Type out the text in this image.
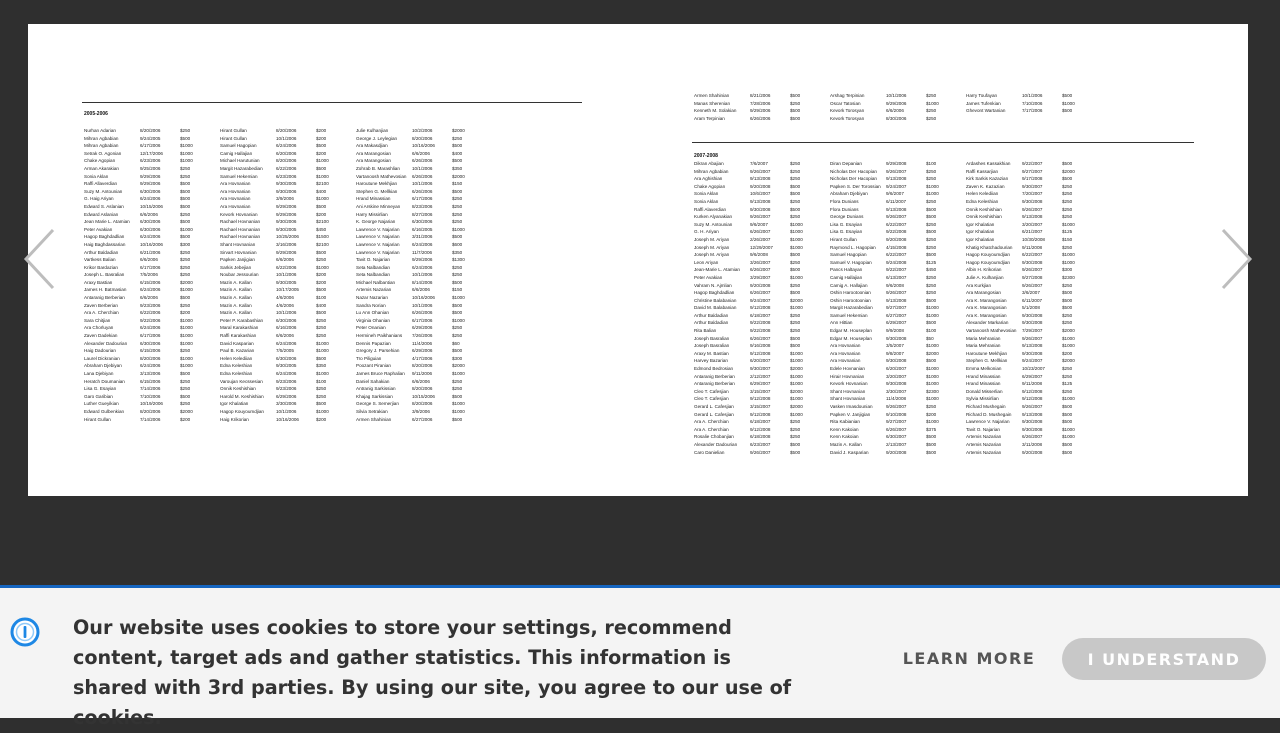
2005-2006
Nurhan Adarian
Mihran Agbabian
Mihran Agbabian
Setrak O. Agonian
Chake Agopian
Arman Akarakian
Sonia Aklan
Raffi Allaverdian
Suzy M. Antounian
G. Haig Ariyan
Edward S. Aslanian
Edward Aslanian
Jean Marie L. Atamian
Peter Avakian
Hagop Baghdadlian
Haig Baghdassarian
Arthur Baldadian
Vartkess Balian
Krikor Bardazian
Joseph L. Basralian
Araxy Bastian
James H. Batmasian
Antaranig Berberian
Zaven Berberian
Ara A. Cherchian
Sara Chitjian
Ara Chorluyan
Zaven Dadekian
Alexander Dadourian
Haig Dadourian
Laurel Dickranian
Abraham Djebiyan
Lana Djebiyan
Heratch Doumanian
Lisa G. Esayian
Garo Garibian
Luther Gueyikian
Edward Gulbenkian
Hirant Gullan
8/20/2006
9/24/2005
6/17/2006
12/17/2006
6/23/2006
9/25/2006
9/29/2006
9/29/2006
6/30/2006
6/24/2006
10/15/2006
6/6/2006
6/30/2006
6/30/2006
6/24/2006
10/16/2006
6/21/2006
6/6/2006
6/17/2006
7/5/2006
6/15/2006
6/24/2006
6/6/2006
9/23/2006
6/22/2006
9/22/2006
6/24/2006
6/17/2006
6/30/2006
6/15/2006
8/20/2006
6/24/2006
3/13/2006
6/15/2006
7/14/2006
7/10/2006
10/19/2006
8/20/2006
7/14/2006
$250
$500
$1000
$1000
$1000
$250
$250
$500
$500
$500
$500
$250
$500
$1000
$500
$300
$250
$250
$250
$250
$2000
$1000
$500
$250
$200
$1000
$1000
$1000
$1000
$250
$1000
$1000
$500
$250
$250
$500
$250
$2000
$200
Hirant Gullan
Hirant Gullan
Samuel Hagopian
Camig Hallajian
Michael Harutunian
Margit Hazarabedian
Samuel Hekemian
Ara Hovnanian
Ara Hovnanian
Ara Hovnanian
Ara Hovnanian
Kevork Hovnanian
Rachael Hovnanian
Rachael Hovnanian
Rachael Hovnanian
Shant Hovnanian
Sirvart Hovnanian
Papken Janjigian
Sarkis Jebejian
Noubar Jessourian
Mazin A. Kallan
Mazin A. Kallan
Mazin A. Kallan
Mazin A. Kallan
Mazin A. Kallan
Peter P. Karabashian
Maral Karakashian
Raffi Karakashian
David Kasparian
Paul B. Kazarian
Helen Kelediian
Edna Keleshian
Edna Keleshian
Varoujan Kecssesian
Onnik Keshishian
Harold M. Keshishian
Igor Khalatian
Hagop Kouyoumdjian
Haig Krikorian
8/20/2006
10/1/2006
6/24/2006
6/20/2006
8/20/2006
6/22/2006
6/23/2006
9/30/2005
9/30/2006
3/9/2006
9/29/2006
9/29/2006
9/30/2006
9/30/2005
10/25/2006
3/16/2006
9/29/2006
6/6/2006
6/22/2006
10/1/2006
9/30/2005
10/17/2005
4/6/2006
4/6/2006
10/1/2006
6/30/2006
6/16/2006
6/6/2006
6/24/2006
7/5/2005
6/30/2006
9/30/2005
6/24/2006
9/23/2006
9/23/2006
6/29/2006
3/30/2006
10/1/2006
10/16/2006
$200
$200
$500
$200
$1000
$500
$1000
$2100
$400
$1000
$500
$200
$2100
$450
$1500
$2100
$500
$250
$1000
$200
$200
$500
$100
$400
$500
$250
$250
$250
$1000
$1000
$500
$350
$1000
$100
$250
$250
$500
$1000
$200
Julie Kulhanjian
George J. Leylegian
Ara Makasdjian
Ara Marangosian
Ara Marangosian
Zohrab B. Marashlian
Vartanoosh Mathevosian
Haroutune Mekhjian
Stephen G. Mellkian
Hrand Minassian
Ani Arskine Minneyan
Harry Missirlian
K. George Najarian
Lawrence V. Najarian
Lawrence V. Najarian
Lawrence V. Najarian
Lawrence V. Najarian
Tavit O. Najarian
Seta Nalbandian
Seta Nalbandian
Michael Nalbantian
Artemis Nazarian
Nazar Nazarian
Sandra Norian
Lu Ann Ohanian
Virginia Ohanian
Peter Onanian
Hermineh Paikhanians
Dennis Papazian
Gregory J. Parsehian
Tro Piliguian
Poozant Piranian
James Bruce Raphalian
Daniel Sahakian
Antranig Sarkissian
Khajag Sarkissian
George S. Semerjian
Silvia Setrakian
Armen Shahinian
10/2/2006
8/20/2006
10/16/2006
6/6/2006
6/26/2006
10/1/2006
6/26/2006
10/1/2006
6/26/2006
6/17/2006
8/23/2006
8/27/2006
6/30/2006
6/16/2005
3/31/2006
6/24/2006
11/7/2006
9/29/2006
6/24/2006
10/1/2006
8/14/2006
6/6/2006
10/16/2006
10/1/2006
6/26/2006
6/17/2006
6/29/2006
7/26/2006
11/4/2006
6/29/2006
4/17/2006
8/20/2006
9/11/2006
6/6/2006
8/20/2006
10/15/2006
8/20/2006
3/9/2006
6/27/2006
$2000
$250
$500
$400
$500
$350
$2000
$150
$500
$250
$250
$250
$250
$1000
$500
$600
$350
$1300
$250
$250
$500
$150
$1000
$500
$500
$1000
$250
$250
$60
$500
$300
$2000
$1000
$250
$250
$500
$1000
$1000
$500
Armen Shahinian
Manas Sherenian
Kenneth M. Solakian
Aram Terpinian
8/21/2006
7/28/2006
9/29/2006
6/26/2006
$500
$250
$500
$500
Arshag Terpinian
Oscar Tatosian
Kevork Torosyan
Kevork Torosyan
10/1/2006
9/29/2006
6/6/2006
8/30/2006
$250
$1000
$250
$250
Harry Toufayan
James Tufenkian
Ghevont Wartanian
10/1/2006
7/10/2006
7/17/2006
$500
$1000
$500
2007-2008
Dikran Abajian
Mihran Agbabian
Ara Aghishian
Chake Agopian
Sonia Aklan
Sonia Aklan
Raffi Alaverdian
Kurken Alyanakian
Suzy M. Antounian
G. H. Ariyan
Joseph M. Ariyan
Joseph M. Ariyan
Joseph M. Ariyan
Leon Ariyan
Jean-Marie L. Atamian
Peter Avakian
Vahram N. Ajmlian
Hagop Baghdadlian
Christine Balabanian
David M. Balabanian
Arthur Baldadian
Arthur Baldadian
Rita Balian
Joseph Basralian
Joseph Basralian
Araxy M. Bastian
Harvey Bazarian
Edmond Bedrosian
Antaranig Berberian
Antaranig Berberian
Cleo T. Cafesjian
Cleo T. Cafesjian
Gerard L. Cafesjian
Gerard L. Cafesjian
Ara A. Cherchian
Ara A. Cherchian
Rosalie Chobanjian
Alexander Dadourian
Caro Danielian
7/6/2007
9/26/2007
9/13/2008
9/20/2008
10/6/2007
9/13/2008
9/30/2008
9/26/2007
9/6/2007
6/26/2007
2/26/2007
12/29/2007
9/6/2008
3/26/2007
6/26/2007
3/29/2007
9/20/2008
6/26/2007
9/24/2007
9/12/2008
6/18/2007
9/22/2008
9/22/2008
6/26/2007
9/16/2008
9/12/2008
6/20/2007
9/30/2007
2/12/2007
6/29/2007
3/15/2007
9/12/2008
3/15/2007
9/12/2008
6/18/2007
9/12/2008
6/18/2008
6/23/2007
9/26/2007
$250
$250
$250
$500
$500
$250
$500
$250
$1000
$1000
$1000
$1000
$500
$250
$500
$1000
$250
$500
$2000
$1000
$250
$250
$250
$500
$500
$1000
$1000
$2000
$1000
$1000
$2000
$1000
$2000
$1000
$250
$250
$250
$500
$500
Diran Depanian
Nicholas Der Hacopian
Nicholas Der Hacopian
Papken S. Der Torossian
Abraham Djebiyan
Flora Dunians
Flora Dunians
George Dunians
Lisa G. Esayian
Lisa G. Esayian
Hirant Gullan
Raymond L. Hagopian
Samuel Hagopian
Samuel V. Hagopian
Pancs Haltayan
Camig Hallajian
Camig A. Hallajian
Oshin Harootoonian
Oshin Harootoonian
Margit Hazarabedian
Samuel Hekemian
Ann Hittian
Edgar M. Houseplan
Edgar M. Houseplan
Ara Hovnanian
Ara Hovnanian
Ara Hovnanian
Edele Hovnanian
Hirair Hovnanian
Kevork Hovnanian
Shant Hovnanian
Shant Hovnanian
Vasken Imasdounian
Papken V. Janjigian
Rita Kabianian
Kenn Kakoian
Kenn Kakoian
Mazin A. Kallan
David J. Kasparian
9/29/2008
9/26/2007
9/13/2008
9/24/2007
9/6/2007
6/11/2007
9/13/2008
9/26/2007
6/22/2007
9/22/2008
9/20/2008
4/15/2008
6/22/2007
9/24/2008
9/22/2007
6/13/2007
9/6/2008
9/26/2007
9/13/2008
9/27/2007
6/27/2007
6/29/2007
9/9/2008
9/30/2008
3/5/2007
9/8/2007
9/30/2008
6/20/2007
3/20/2007
9/30/2008
3/30/2007
11/4/2008
9/26/2007
9/10/2008
9/27/2007
6/26/2007
6/30/2007
2/13/2007
9/20/2008
$100
$250
$250
$1000
$1000
$250
$500
$500
$250
$500
$250
$250
$500
$125
$450
$250
$250
$250
$500
$1000
$1000
$500
$100
$50
$1000
$2000
$500
$1000
$1000
$1000
$2300
$1000
$250
$200
$1000
$375
$500
$500
$500
Ardashes Kassakhian
Raffi Kassarjian
Kirk Sarkis Kazazian
Zaven K. Kazazian
Helen Kelediian
Edna Keleshian
Onnik Keshishian
Onnik Keshishian
Igor Khalatian
Igor Khalatian
Igor Khalatian
Khatig Khatchadourian
Hagop Kouyoumdjian
Hagop Kouyoumdjian
Albin H. Krikorian
Julie A. Kulhanjian
Ara Kurkjian
Ara Marangosian
Ara K. Marangosian
Ara K. Marangosian
Ara K. Marangosian
Alexander Markarian
Vartanoosh Mathevosian
Maria Mehranian
Maria Mehranian
Haroutune Mekhjian
Stephen G. Mellkian
Emma Melkonian
Hrand Minassian
Hrand Minassian
Donald Misserlian
Sylvia Missirlian
Richard Mushegain
Richard D. Mushegain
Lawrence V. Najarian
Tavit O. Najarian
Artemis Nazarian
Artemis Nazarian
Artemis Nazarian
9/22/2007
9/27/2007
9/17/2008
9/30/2007
7/20/2007
9/30/2008
9/26/2007
9/13/2008
3/20/2007
6/21/2007
10/30/2008
9/11/2008
6/22/2007
9/30/2008
9/26/2007
9/27/2008
9/26/2007
3/6/2007
6/11/2007
5/1/2008
9/30/2008
9/30/2008
7/29/2007
9/26/2007
9/13/2008
9/30/2008
9/24/2007
10/23/2007
6/29/2007
9/11/2008
9/12/2008
9/12/2008
9/26/2007
9/13/2008
9/30/2008
9/30/2008
6/26/2007
3/11/2008
9/20/2008
$500
$2000
$500
$250
$250
$250
$250
$250
$1000
$125
$150
$250
$1000
$1000
$300
$2300
$250
$500
$500
$500
$250
$250
$2000
$1000
$1000
$200
$2000
$250
$250
$125
$250
$1000
$500
$500
$500
$1000
$1000
$500
$500
Our website uses cookies to store your settings, recommend content, target ads and gather statistics. This information is shared with 3rd parties. By using our site, you agree to our use of cookies.
LEARN MORE	I UNDERSTAND
